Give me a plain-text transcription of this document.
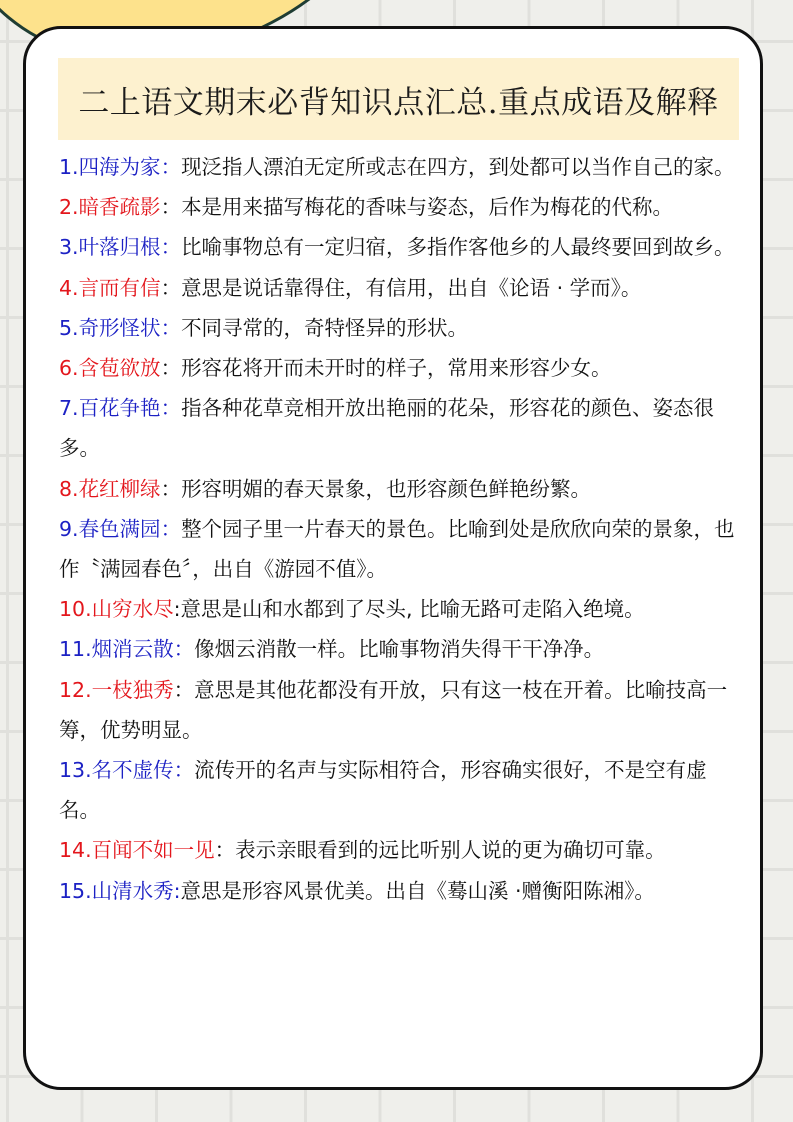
二上语文期末必背知识点汇总.重点成语及解释

1.四海为家：现泛指人漂泊无定所或志在四方，到处都可以当作自己的家。

2.暗香疏影：本是用来描写梅花的香味与姿态，后作为梅花的代称。

3.叶落归根：比喻事物总有一定归宿，多指作客他乡的人最终要回到故乡。

4.言而有信：意思是说话靠得住，有信用，出自《论语 · 学而》。

5.奇形怪状：不同寻常的，奇特怪异的形状。

6.含苞欲放：形容花将开而未开时的样子，常用来形容少女。

7.百花争艳：指各种花草竞相开放出艳丽的花朵，形容花的颜色、姿态很多。

8.花红柳绿：形容明媚的春天景象，也形容颜色鲜艳纷繁。

9.春色满园：整个园子里一片春天的景色。比喻到处是欣欣向荣的景象，也作〝满园春色〞，出自《游园不值》。

10.山穷水尽:意思是山和水都到了尽头, 比喻无路可走陷入绝境。

11.烟消云散：像烟云消散一样。比喻事物消失得干干净净。

12.一枝独秀：意思是其他花都没有开放，只有这一枝在开着。比喻技高一筹，优势明显。

13.名不虚传：流传开的名声与实际相符合，形容确实很好，不是空有虚名。

14.百闻不如一见：表示亲眼看到的远比听别人说的更为确切可靠。

15.山清水秀:意思是形容风景优美。出自《蓦山溪 ·赠衡阳陈湘》。
